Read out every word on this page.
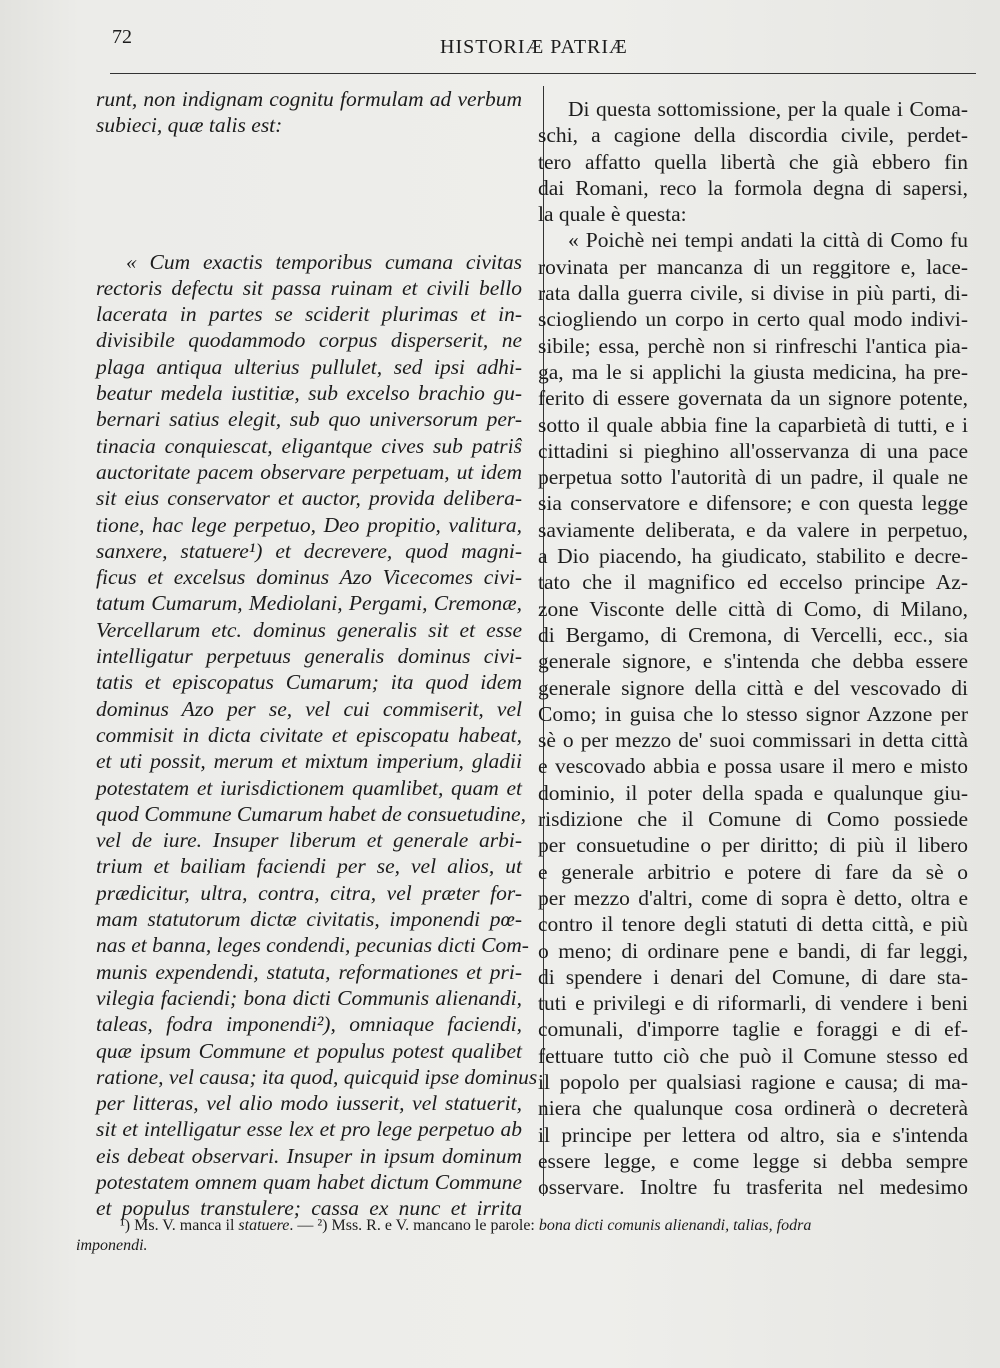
72	HISTORIÆ PATRIÆ
runt, non indignam cognitu formulam ad verbum
subieci, quæ talis est:
« Cum exactis temporibus cumana civitas
rectoris defectu sit passa ruinam et civili bello
lacerata in partes se sciderit plurimas et in-
divisibile quodammodo corpus disperserit, ne
plaga antiqua ulterius pullulet, sed ipsi adhi-
beatur medela iustitiæ, sub excelso brachio gu-
bernari satius elegit, sub quo universorum per-
tinacia conquiescat, eligantque cives sub patriŝ
auctoritate pacem observare perpetuam, ut idem
sit eius conservator et auctor, provida delibera-
tione, hac lege perpetuo, Deo propitio, valitura,
sanxere, statuere¹) et decrevere, quod magni-
ficus et excelsus dominus Azo Vicecomes civi-
tatum Cumarum, Mediolani, Pergami, Cremonæ,
Vercellarum etc. dominus generalis sit et esse
intelligatur perpetuus generalis dominus civi-
tatis et episcopatus Cumarum; ita quod idem
dominus Azo per se, vel cui commiserit, vel
commisit in dicta civitate et episcopatu habeat,
et uti possit, merum et mixtum imperium, gladii
potestatem et iurisdictionem quamlibet, quam et
quod Commune Cumarum habet de consuetudine,
vel de iure. Insuper liberum et generale arbi-
trium et bailiam faciendi per se, vel alios, ut
prædicitur, ultra, contra, citra, vel præter for-
mam statutorum dictæ civitatis, imponendi pœ-
nas et banna, leges condendi, pecunias dicti Com-
munis expendendi, statuta, reformationes et pri-
vilegia faciendi; bona dicti Communis alienandi,
taleas, fodra imponendi²), omniaque faciendi,
quæ ipsum Commune et populus potest qualibet
ratione, vel causa; ita quod, quicquid ipse dominus
per litteras, vel alio modo iusserit, vel statuerit,
sit et intelligatur esse lex et pro lege perpetuo ab
eis debeat observari. Insuper in ipsum dominum
potestatem omnem quam habet dictum Commune
et populus transtulere; cassa ex nunc et irrita
Di questa sottomissione, per la quale i Coma-
schi, a cagione della discordia civile, perdet-
tero affatto quella libertà che già ebbero fin
dai Romani, reco la formola degna di sapersi,
la quale è questa:
« Poichè nei tempi andati la città di Como fu
rovinata per mancanza di un reggitore e, lace-
rata dalla guerra civile, si divise in più parti, di-
sciogliendo un corpo in certo qual modo indivi-
sibile; essa, perchè non si rinfreschi l'antica pia-
ga, ma le si applichi la giusta medicina, ha pre-
ferito di essere governata da un signore potente,
sotto il quale abbia fine la caparbietà di tutti, e i
cittadini si pieghino all'osservanza di una pace
perpetua sotto l'autorità di un padre, il quale ne
sia conservatore e difensore; e con questa legge
saviamente deliberata, e da valere in perpetuo,
a Dio piacendo, ha giudicato, stabilito e decre-
tato che il magnifico ed eccelso principe Az-
zone Visconte delle città di Como, di Milano,
di Bergamo, di Cremona, di Vercelli, ecc., sia
generale signore, e s'intenda che debba essere
generale signore della città e del vescovado di
Como; in guisa che lo stesso signor Azzone per
sè o per mezzo de' suoi commissari in detta città
e vescovado abbia e possa usare il mero e misto
dominio, il poter della spada e qualunque giu-
risdizione che il Comune di Como possiede
per consuetudine o per diritto; di più il libero
e generale arbitrio e potere di fare da sè o
per mezzo d'altri, come di sopra è detto, oltra e
contro il tenore degli statuti di detta città, e più
o meno; di ordinare pene e bandi, di far leggi,
di spendere i denari del Comune, di dare sta-
tuti e privilegi e di riformarli, di vendere i beni
comunali, d'imporre taglie e foraggi e di ef-
fettuare tutto ciò che può il Comune stesso ed
il popolo per qualsiasi ragione e causa; di ma-
niera che qualunque cosa ordinerà o decreterà
il principe per lettera od altro, sia e s'intenda
essere legge, e come legge si debba sempre
osservare. Inoltre fu trasferita nel medesimo
¹) Ms. V. manca il statuere. — ²) Mss. R. e V. mancano le parole: bona dicti comunis alienandi, talias, fodra
imponendi.
